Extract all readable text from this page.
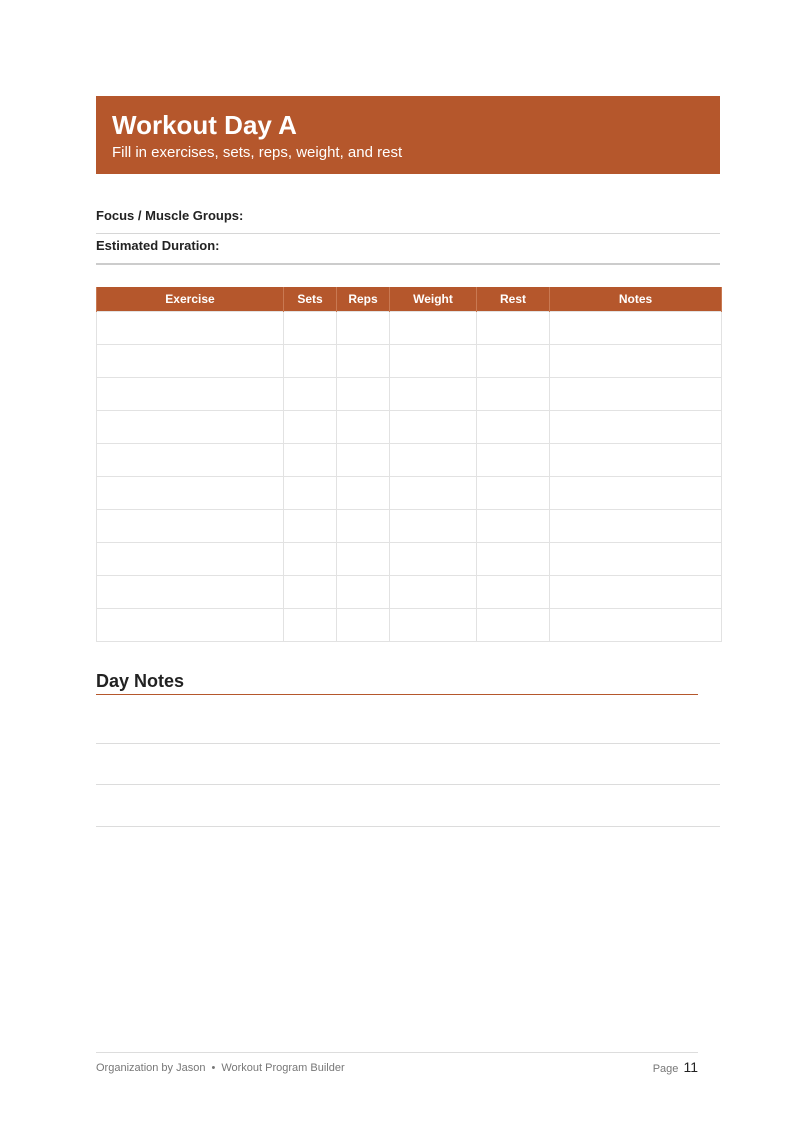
Workout Day A
Fill in exercises, sets, reps, weight, and rest
Focus / Muscle Groups:
Estimated Duration:
Exercise	Sets	Reps	Weight	Rest	Notes

Day Notes
Organization by Jason • Workout Program Builder	Page 11
